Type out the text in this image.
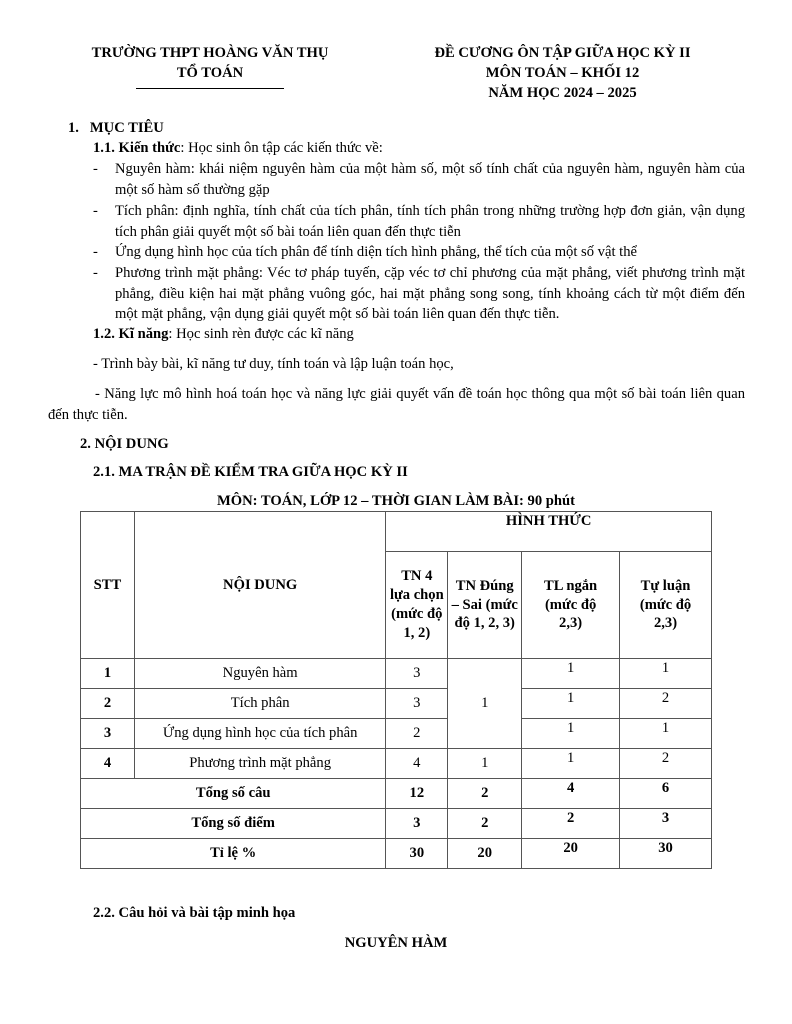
TRƯỜNG THPT HOÀNG VĂN THỤ
TỔ TOÁN
ĐỀ CƯƠNG ÔN TẬP GIỮA HỌC KỲ II
MÔN TOÁN – KHỐI 12
NĂM HỌC 2024 – 2025
1. MỤC TIÊU
1.1. Kiến thức: Học sinh ôn tập các kiến thức về:
- Nguyên hàm: khái niệm nguyên hàm của một hàm số, một số tính chất của nguyên hàm, nguyên hàm của một số hàm số thường gặp
- Tích phân: định nghĩa, tính chất của tích phân, tính tích phân trong những trường hợp đơn giản, vận dụng tích phân giải quyết một số bài toán liên quan đến thực tiễn
- Ứng dụng hình học của tích phân để tính diện tích hình phẳng, thể tích của một số vật thể
- Phương trình mặt phẳng: Véc tơ pháp tuyến, cặp véc tơ chỉ phương của mặt phẳng, viết phương trình mặt phẳng, điều kiện hai mặt phẳng vuông góc, hai mặt phẳng song song, tính khoảng cách từ một điểm đến một mặt phẳng, vận dụng giải quyết một số bài toán liên quan đến thực tiễn.
1.2. Kĩ năng: Học sinh rèn được các kĩ năng
- Trình bày bài, kĩ năng tư duy, tính toán và lập luận toán học,
- Năng lực mô hình hoá toán học và năng lực giải quyết vấn đề toán học thông qua một số bài toán liên quan đến thực tiễn.
2. NỘI DUNG
2.1. MA TRẬN ĐỀ KIỂM TRA GIỮA HỌC KỲ II
MÔN: TOÁN, LỚP 12 – THỜI GIAN LÀM BÀI: 90 phút
STT	NỘI DUNG	HÌNH THỨC			
		TN 4 lựa chọn (mức độ 1, 2)	TN Đúng – Sai (mức độ 1, 2, 3)	TL ngắn (mức độ 2,3)	Tự luận (mức độ 2,3)
1	Nguyên hàm	3	1	1	1
2	Tích phân	3		1	2
3	Ứng dụng hình học của tích phân	2		1	1
4	Phương trình mặt phẳng	4	1	1	2
Tổng số câu		12	2	4	6
Tổng số điểm		3	2	2	3
Tỉ lệ %		30	20	20	30
2.2. Câu hỏi và bài tập minh họa
NGUYÊN HÀM
